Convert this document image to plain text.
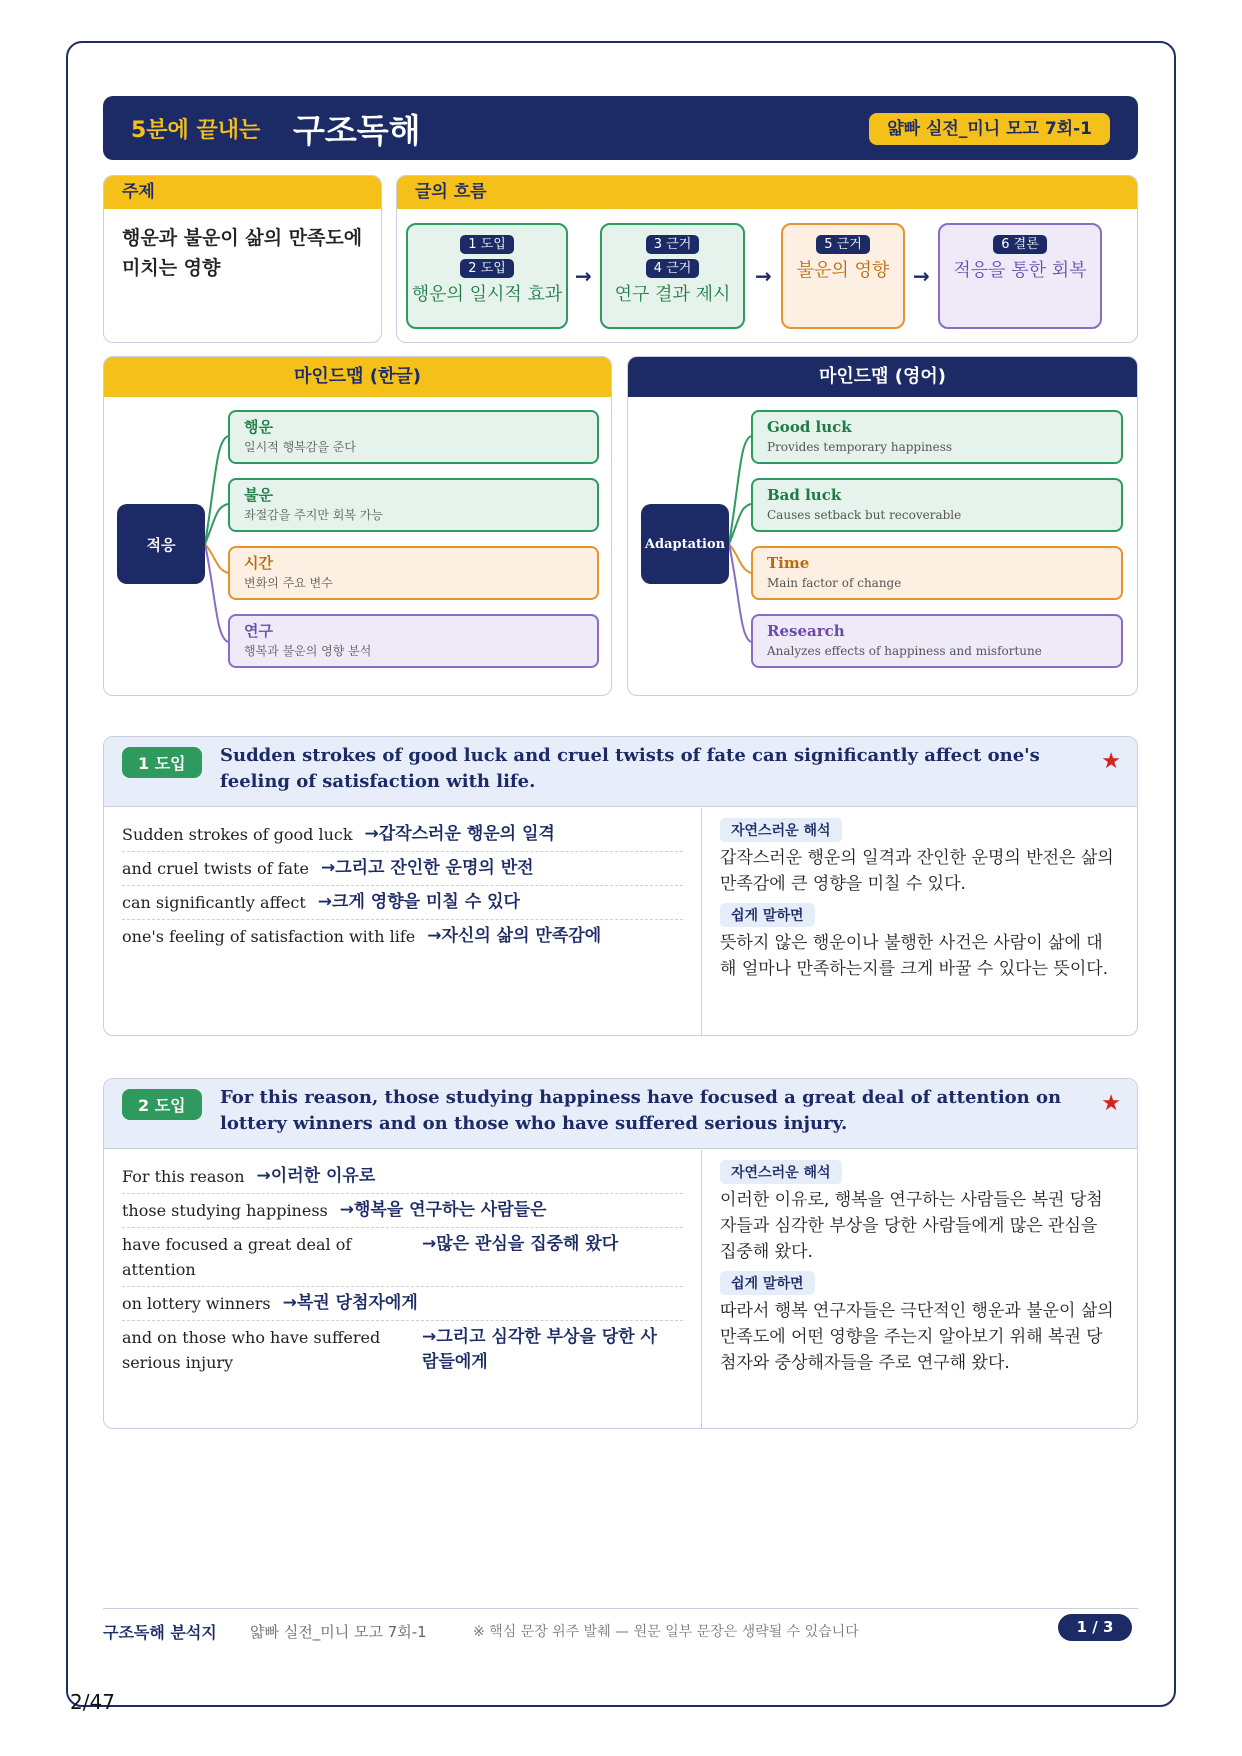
5분에 끝내는 구조독해	얇빠 실전_미니 모고 7회-1
주제
행운과 불운이 삶의 만족도에 미치는 영향
글의 흐름
1 도입
2 도입
행운의 일시적 효과
→
3 근거
4 근거
연구 결과 제시
→
5 근거
불운의 영향	→
6 결론
적응을 통한 회복
마인드맵 (한글)
적응
행운
일시적 행복감을 준다
불운
좌절감을 주지만 회복 가능
시간
변화의 주요 변수
연구
행복과 불운의 영향 분석
마인드맵 (영어)
Adaptation
Good luck
Provides temporary happiness
Bad luck
Causes setback but recoverable
Time
Main factor of change
Research
Analyzes effects of happiness and misfortune
1 도입	Sudden strokes of good luck and cruel twists of fate can significantly affect one's feeling of satisfaction with life.
★
Sudden strokes of good luck →갑작스러운 행운의 일격
and cruel twists of fate →그리고 잔인한 운명의 반전
can significantly affect →크게 영향을 미칠 수 있다
one's feeling of satisfaction with life →자신의 삶의 만족감에
자연스러운 해석
갑작스러운 행운의 일격과 잔인한 운명의 반전은 삶의 만족감에 큰 영향을 미칠 수 있다.
쉽게 말하면
뜻하지 않은 행운이나 불행한 사건은 사람이 삶에 대해 얼마나 만족하는지를 크게 바꿀 수 있다는 뜻이다.
2 도입	For this reason, those studying happiness have focused a great deal of attention on lottery winners and on those who have suffered serious injury.
★
For this reason →이러한 이유로
those studying happiness →행복을 연구하는 사람들은
have focused a great deal of attention
→많은 관심을 집중해 왔다
on lottery winners →복권 당첨자에게
and on those who have suffered serious injury
→그리고 심각한 부상을 당한 사람들에게
자연스러운 해석
이러한 이유로, 행복을 연구하는 사람들은 복권 당첨자들과 심각한 부상을 당한 사람들에게 많은 관심을 집중해 왔다.
쉽게 말하면
따라서 행복 연구자들은 극단적인 행운과 불운이 삶의 만족도에 어떤 영향을 주는지 알아보기 위해 복권 당첨자와 중상해자들을 주로 연구해 왔다.
구조독해 분석지 얇빠 실전_미니 모고 7회-1	※ 핵심 문장 위주 발췌 — 원문 일부 문장은 생략될 수 있습니다	1 / 3
2/47
